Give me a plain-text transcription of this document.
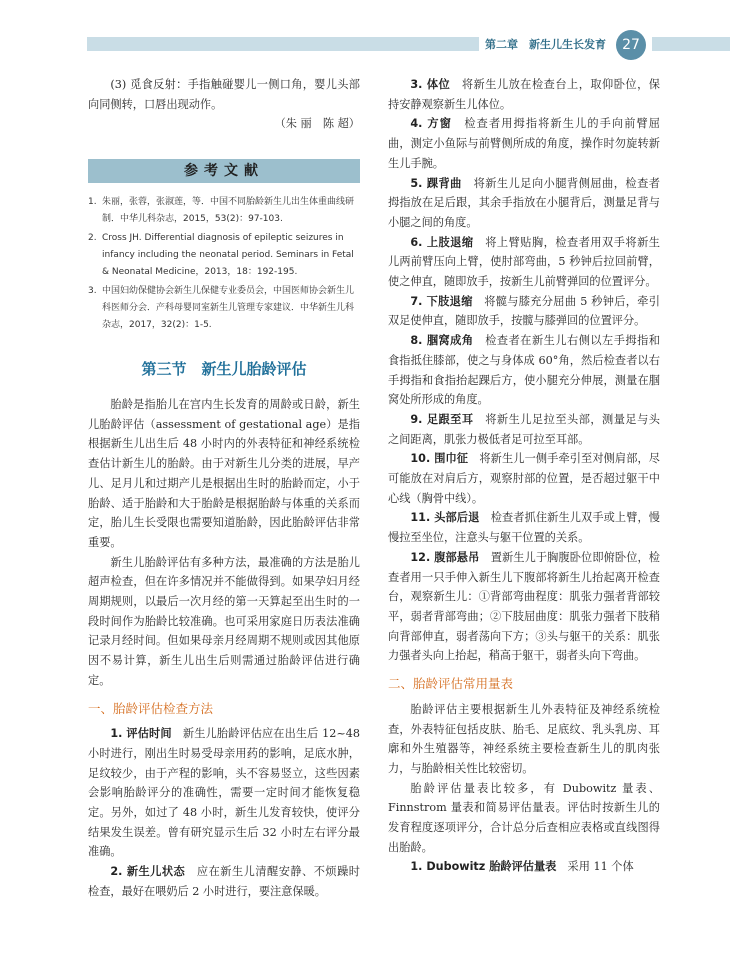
第二章　新生儿生长发育	27

(3) 觅食反射：手指触碰婴儿一侧口角，婴儿头部向同侧转，口唇出现动作。

（朱 丽　陈 超）

参考文献
1. 朱丽，张蓉，张淑莲，等．中国不同胎龄新生儿出生体重曲线研制．中华儿科杂志，2015，53(2)：97-103.
2. Cross JH. Differential diagnosis of epileptic seizures in infancy including the neonatal period. Seminars in Fetal & Neonatal Medicine，2013，18：192-195.
3. 中国妇幼保健协会新生儿保健专业委员会，中国医师协会新生儿科医师分会．产科母婴同室新生儿管理专家建议．中华新生儿科杂志，2017，32(2)：1-5.
第三节　新生儿胎龄评估

胎龄是指胎儿在宫内生长发育的周龄或日龄，新生儿胎龄评估（assessment of gestational age）是指根据新生儿出生后 48 小时内的外表特征和神经系统检查估计新生儿的胎龄。由于对新生儿分类的进展，早产儿、足月儿和过期产儿是根据出生时的胎龄而定，小于胎龄、适于胎龄和大于胎龄是根据胎龄与体重的关系而定，胎儿生长受限也需要知道胎龄，因此胎龄评估非常重要。

新生儿胎龄评估有多种方法，最准确的方法是胎儿超声检查，但在许多情况并不能做得到。如果孕妇月经周期规则，以最后一次月经的第一天算起至出生时的一段时间作为胎龄比较准确。也可采用家庭日历表法准确记录月经时间。但如果母亲月经周期不规则或因其他原因不易计算，新生儿出生后则需通过胎龄评估进行确定。

一、胎龄评估检查方法

1. 评估时间　 新生儿胎龄评估应在出生后 12~48 小时进行，刚出生时易受母亲用药的影响，足底水肿，足纹较少，由于产程的影响，头不容易竖立，这些因素会影响胎龄评分的准确性，需要一定时间才能恢复稳定。另外，如过了 48 小时，新生儿发育较快，使评分结果发生误差。曾有研究显示生后 32 小时左右评分最准确。

2. 新生儿状态　 应在新生儿清醒安静、不烦躁时检查，最好在喂奶后 2 小时进行，要注意保暖。

3. 体位　 将新生儿放在检查台上，取仰卧位，保持安静观察新生儿体位。

4. 方窗　 检查者用拇指将新生儿的手向前臂屈曲，测定小鱼际与前臂侧所成的角度，操作时勿旋转新生儿手腕。

5. 踝背曲　 将新生儿足向小腿背侧屈曲，检查者拇指放在足后跟，其余手指放在小腿背后，测量足背与小腿之间的角度。

6. 上肢退缩　 将上臂贴胸，检查者用双手将新生儿两前臂压向上臂，使肘部弯曲，5 秒钟后拉回前臂，使之伸直，随即放手，按新生儿前臂弹回的位置评分。

7. 下肢退缩　 将髋与膝充分屈曲 5 秒钟后，牵引双足使伸直，随即放手，按髋与膝弹回的位置评分。

8. 腘窝成角　 检查者在新生儿右侧以左手拇指和食指抵住膝部，使之与身体成 60°角，然后检查者以右手拇指和食指抬起踝后方，使小腿充分伸展，测量在腘窝处所形成的角度。

9. 足跟至耳　 将新生儿足拉至头部，测量足与头之间距离，肌张力极低者足可拉至耳部。

10. 围巾征　 将新生儿一侧手牵引至对侧肩部，尽可能放在对肩后方，观察肘部的位置，是否超过躯干中心线（胸骨中线）。

11. 头部后退　 检查者抓住新生儿双手或上臂，慢慢拉至坐位，注意头与躯干位置的关系。

12. 腹部悬吊　 置新生儿于胸腹卧位即俯卧位，检查者用一只手伸入新生儿下腹部将新生儿抬起离开检查台，观察新生儿：①背部弯曲程度：肌张力强者背部较平，弱者背部弯曲；②下肢屈曲度：肌张力强者下肢稍向背部伸直，弱者荡向下方；③头与躯干的关系：肌张力强者头向上抬起，稍高于躯干，弱者头向下弯曲。

二、胎龄评估常用量表

胎龄评估主要根据新生儿外表特征及神经系统检查，外表特征包括皮肤、胎毛、足底纹、乳头乳房、耳廓和外生殖器等，神经系统主要检查新生儿的肌肉张力，与胎龄相关性比较密切。

胎龄评估量表比较多，有 Dubowitz 量表、Finnstrom 量表和简易评估量表。评估时按新生儿的发育程度逐项评分，合计总分后查相应表格或直线图得出胎龄。

1. Dubowitz 胎龄评估量表　 采用 11 个体
